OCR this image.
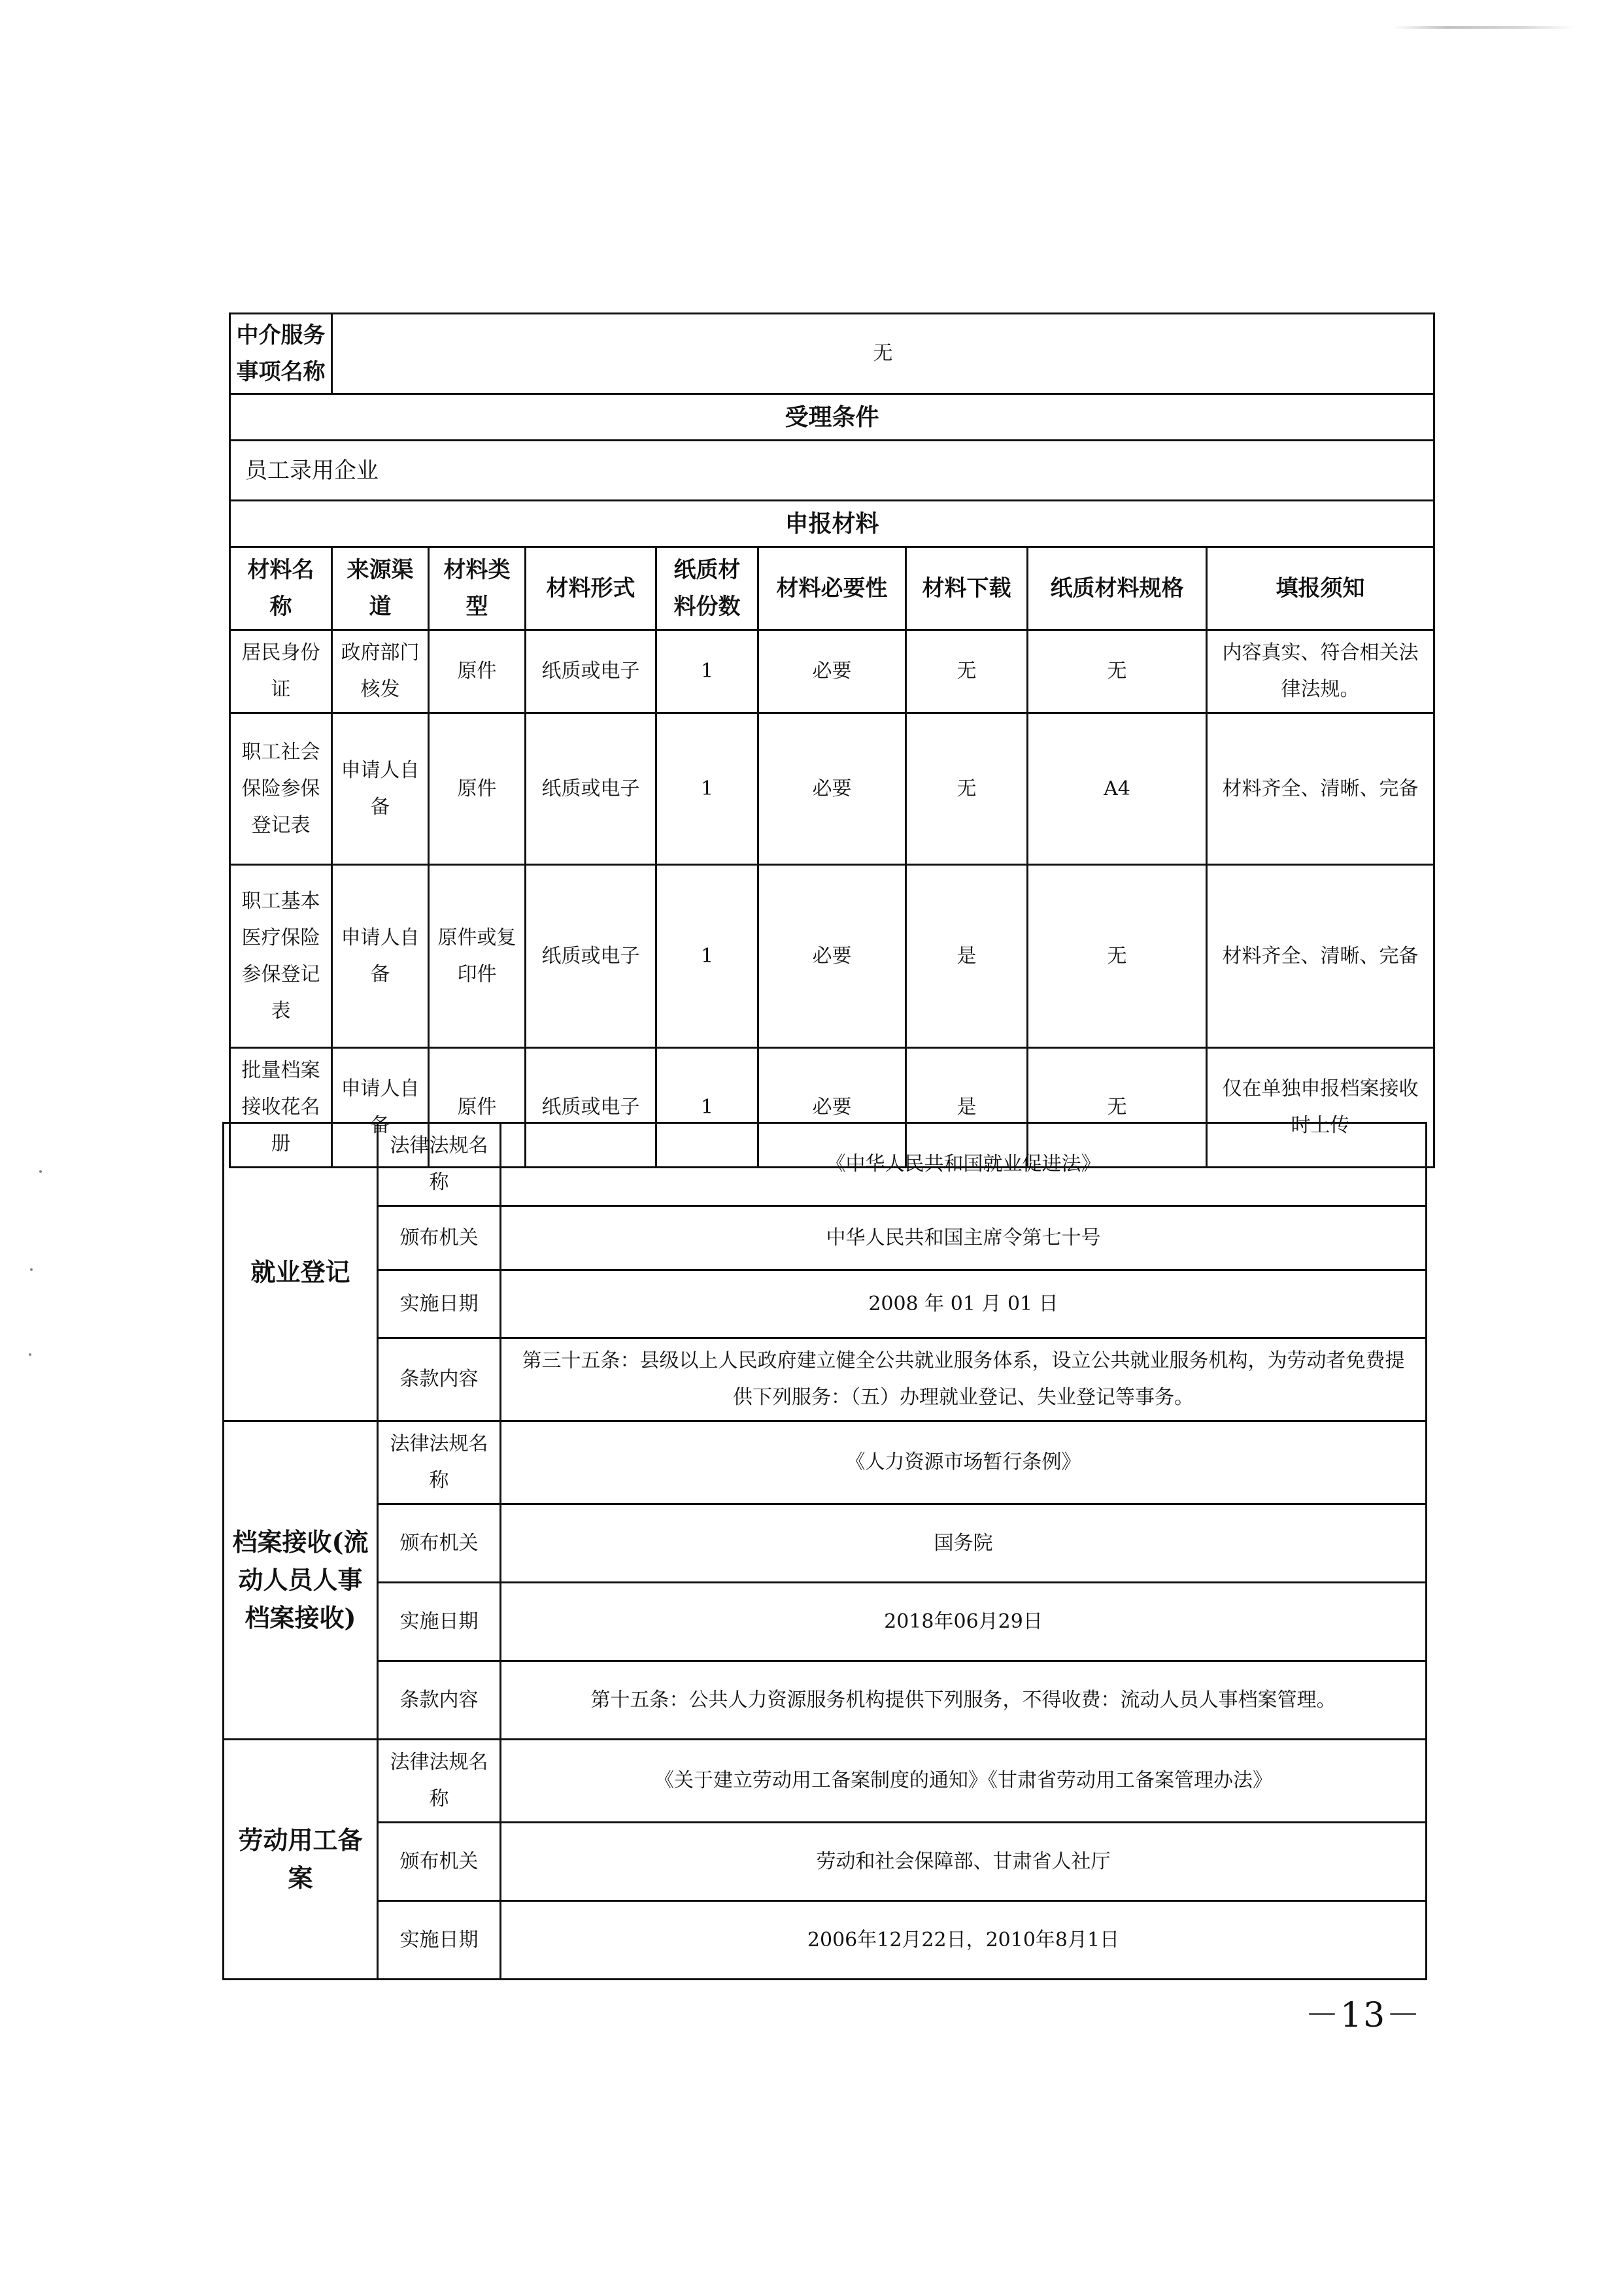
中介服务事项名称	无							
受理条件								
员工录用企业								
申报材料								
材料名称	来源渠道	材料类型	材料形式	纸质材料份数	材料必要性	材料下载	纸质材料规格	填报须知
居民身份证	政府部门核发	原件	纸质或电子	1	必要	无	无	内容真实、符合相关法律法规。
职工社会保险参保登记表	申请人自备	原件	纸质或电子	1	必要	无	A4	材料齐全、清晰、完备
职工基本医疗保险参保登记表	申请人自备	原件或复印件	纸质或电子	1	必要	是	无	材料齐全、清晰、完备
批量档案接收花名册	申请人自备	原件	纸质或电子	1	必要	是	无	仅在单独申报档案接收时上传
就业登记	法律法规名称	《中华人民共和国就业促进法》
	颁布机关	中华人民共和国主席令第七十号
	实施日期	2008 年 01 月 01 日
	条款内容	第三十五条：县级以上人民政府建立健全公共就业服务体系，设立公共就业服务机构，为劳动者免费提供下列服务：（五）办理就业登记、失业登记等事务。
档案接收(流动人员人事档案接收)	法律法规名称	《人力资源市场暂行条例》
	颁布机关	国务院
	实施日期	2018年06月29日
	条款内容	第十五条：公共人力资源服务机构提供下列服务，不得收费：流动人员人事档案管理。
劳动用工备案	法律法规名称	《关于建立劳动用工备案制度的通知》《甘肃省劳动用工备案管理办法》
	颁布机关	劳动和社会保障部、甘肃省人社厅
	实施日期	2006年12月22日，2010年8月1日
－13－
